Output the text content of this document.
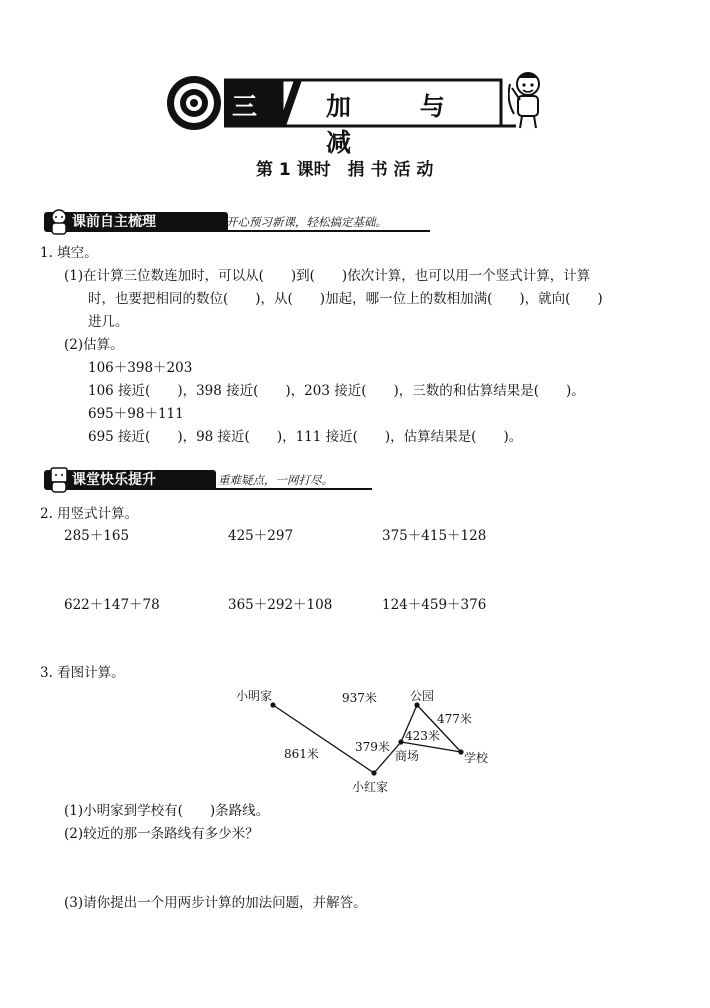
三	加 与 减
第 1 课时　捐 书 活 动
课前自主梳理	开心预习新课，轻松搞定基础。
1. 填空。
(1)在计算三位数连加时，可以从(　　)到(　　)依次计算，也可以用一个竖式计算，计算
时，也要把相同的数位(　　)，从(　　)加起，哪一位上的数相加满(　　)，就向(　　)
进几。
(2)估算。
106＋398＋203
106 接近(　　)，398 接近(　　)，203 接近(　　)，三数的和估算结果是(　　)。
695＋98＋111
695 接近(　　)，98 接近(　　)，111 接近(　　)，估算结果是(　　)。
课堂快乐提升	重难疑点，一网打尽。
2. 用竖式计算。
285＋165	425＋297	375＋415＋128
622＋147＋78	365＋292＋108	124＋459＋376
3. 看图计算。
小明家	937米	公园
477米
423米
379米
商场	学校
861米
小红家
(1)小明家到学校有(　　)条路线。
(2)较近的那一条路线有多少米？
(3)请你提出一个用两步计算的加法问题，并解答。
